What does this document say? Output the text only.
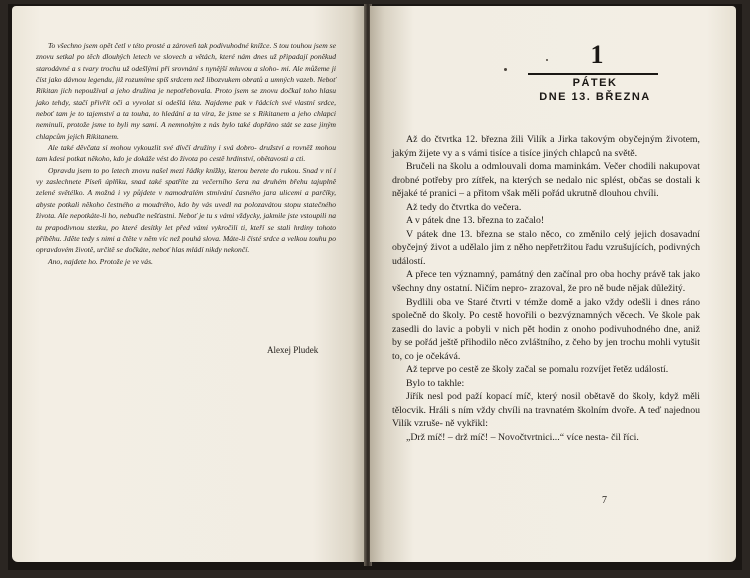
To všechno jsem opět četl v této prosté a zároveň tak podivuhodné knížce. S tou touhou jsem se znovu setkal po těch dlouhých letech ve slovech a větách, které nám dnes už připadají poněkud starodávné a s tvary trochu už odešlými při srovnání s nynější mluvou a sloho- mi. Ale můžeme ji číst jako dávnou legendu, již rozumíme spíš srdcem než libozvukem obratů a umných vazeb. Neboť Rikitan jich nepoužíval a jeho družina je nepotřebovala. Proto jsem se znovu dočkal toho hlasu jako tehdy, stačí přivřít oči a vyvolat si odešlá léta. Najdeme pak v řádcích své vlastní srdce, neboť tam je to tajemství a ta touha, to hledání a ta víra, že jsme se s Rikitanem a jeho chlapci neminuli, protože jsme to byli my sami. A nemnohým z nás bylo také dopřáno stát se zase jiným chlapcům jejich Rikitanem.

Ale také děvčata si mohou vykouzlit své dívčí družiny i svá dobro- družství a rovněž mohou tam kdesi potkat někoho, kdo je dokáže vést do života po cestě hrdinství, obětavosti a cti.

Opravdu jsem to po letech znovu našel mezi řádky knížky, kterou berete do rukou. Snad v ní i vy zaslechnete Píseň úplňku, snad také spatříte za večerního šera na druhém břehu tajuplně zelené světélko. A možná i vy půjdete v namodralém stmívání časného jara ulicemi a parčíky, abyste potkali někoho čestného a moudrého, kdo by vás uvedl na polozavátou stopu statečného života. Ale nepotkáte-li ho, nebuďte nešťastni. Neboť je tu s vámi vždycky, jakmile jste vstoupili na tu prapodivnou stezku, po které desítky let před vámi vykročili ti, kteří se stali hrdiny tohoto příběhu. Jděte tedy s nimi a čtěte v něm víc než pouhá slova. Máte-li čisté srdce a velkou touhu po opravdovém životě, určitě se dočkáte, neboť hlas mládí nikdy nekončí.

Ano, najdete ho. Protože je ve vás.

Alexej Pludek
1
PÁTEK
DNE 13. BŘEZNA

Až do čtvrtka 12. března žili Vilík a Jirka takovým obyčejným životem, jakým žijete vy a s vámi tisíce a tisíce jiných chlapců na světě.

Bručeli na školu a odmlouvali doma maminkám. Večer chodili nakupovat drobné potřeby pro zítřek, na kterých se nedalo nic splést, občas se dostali k nějaké té pranici – a přitom však měli pořád ukrutně dlouhou chvíli.

Až tedy do čtvrtka do večera.

A v pátek dne 13. března to začalo!

V pátek dne 13. března se stalo něco, co změnilo celý jejich dosavadní obyčejný život a udělalo jim z něho nepřetržitou řadu vzrušujících, podivných událostí.

A přece ten významný, památný den začínal pro oba hochy právě tak jako všechny dny ostatní. Ničím nepro- zrazoval, že pro ně bude nějak důležitý.

Bydlili oba ve Staré čtvrti v témže domě a jako vždy odešli i dnes ráno společně do školy. Po cestě hovořili o bezvýznamných věcech. Ve škole pak zasedli do lavic a pobyli v nich pět hodin z onoho podivuhodného dne, aniž by se pořád ještě přihodilo něco zvláštního, z čeho by jen trochu mohli vytušit to, co je očekává.

Až teprve po cestě ze školy začal se pomalu rozvíjet řetěz událostí.

Bylo to takhle:

Jiřík nesl pod paží kopací míč, který nosil obětavě do školy, když měli tělocvik. Hráli s ním vždy chvíli na travnatém školním dvoře. A teď najednou Vilík vzruše- ně vykřikl:

„Drž míč! – drž míč! – Novočtvrtnici...“ více nesta- čil říci.

7
